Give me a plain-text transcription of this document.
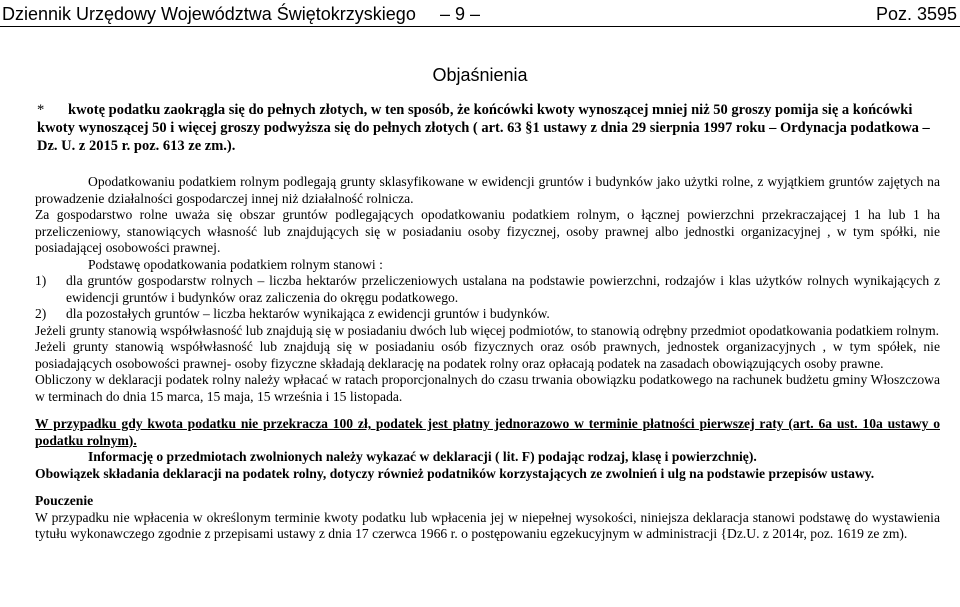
Dziennik Urzędowy Województwa Świętokrzyskiego – 9 –	Poz. 3595
Objaśnienia
* kwotę podatku zaokrągla się do pełnych złotych, w ten sposób, że końcówki kwoty wynoszącej mniej niż 50 groszy pomija się a końcówki kwoty wynoszącej 50 i więcej groszy podwyższa się do pełnych złotych ( art. 63 §1 ustawy z dnia 29 sierpnia 1997 roku – Ordynacja podatkowa – Dz. U. z 2015 r. poz. 613 ze zm.).

Opodatkowaniu podatkiem rolnym podlegają grunty sklasyfikowane w ewidencji gruntów i budynków jako użytki rolne, z wyjątkiem gruntów zajętych na prowadzenie działalności gospodarczej innej niż działalność rolnicza.

Za gospodarstwo rolne uważa się obszar gruntów podlegających opodatkowaniu podatkiem rolnym, o łącznej powierzchni przekraczającej 1 ha lub 1 ha przeliczeniowy, stanowiących własność lub znajdujących się w posiadaniu osoby fizycznej, osoby prawnej albo jednostki organizacyjnej , w tym spółki, nie posiadającej osobowości prawnej.

Podstawę opodatkowania podatkiem rolnym stanowi :

1) dla gruntów gospodarstw rolnych – liczba hektarów przeliczeniowych ustalana na podstawie powierzchni, rodzajów i klas użytków rolnych wynikających z ewidencji gruntów i budynków oraz zaliczenia do okręgu podatkowego.

2) dla pozostałych gruntów – liczba hektarów wynikająca z ewidencji gruntów i budynków.

Jeżeli grunty stanowią współwłasność lub znajdują się w posiadaniu dwóch lub więcej podmiotów, to stanowią odrębny przedmiot opodatkowania podatkiem rolnym.

Jeżeli grunty stanowią współwłasność lub znajdują się w posiadaniu osób fizycznych oraz osób prawnych, jednostek organizacyjnych , w tym spółek, nie posiadających osobowości prawnej- osoby fizyczne składają deklarację na podatek rolny oraz opłacają podatek na zasadach obowiązujących osoby prawne.

Obliczony w deklaracji podatek rolny należy wpłacać w ratach proporcjonalnych do czasu trwania obowiązku podatkowego na rachunek budżetu gminy Włoszczowa w terminach do dnia 15 marca, 15 maja, 15 września i 15 listopada.

W przypadku gdy kwota podatku nie przekracza 100 zł, podatek jest płatny jednorazowo w terminie płatności pierwszej raty (art. 6a ust. 10a ustawy o podatku rolnym).

Informację o przedmiotach zwolnionych należy wykazać w deklaracji ( lit. F) podając rodzaj, klasę i powierzchnię).

Obowiązek składania deklaracji na podatek rolny, dotyczy również podatników korzystających ze zwolnień i ulg na podstawie przepisów ustawy.

Pouczenie

W przypadku nie wpłacenia w określonym terminie kwoty podatku lub wpłacenia jej w niepełnej wysokości, niniejsza deklaracja stanowi podstawę do wystawienia tytułu wykonawczego zgodnie z przepisami ustawy z dnia 17 czerwca 1966 r. o postępowaniu egzekucyjnym w administracji {Dz.U. z 2014r, poz. 1619 ze zm).
